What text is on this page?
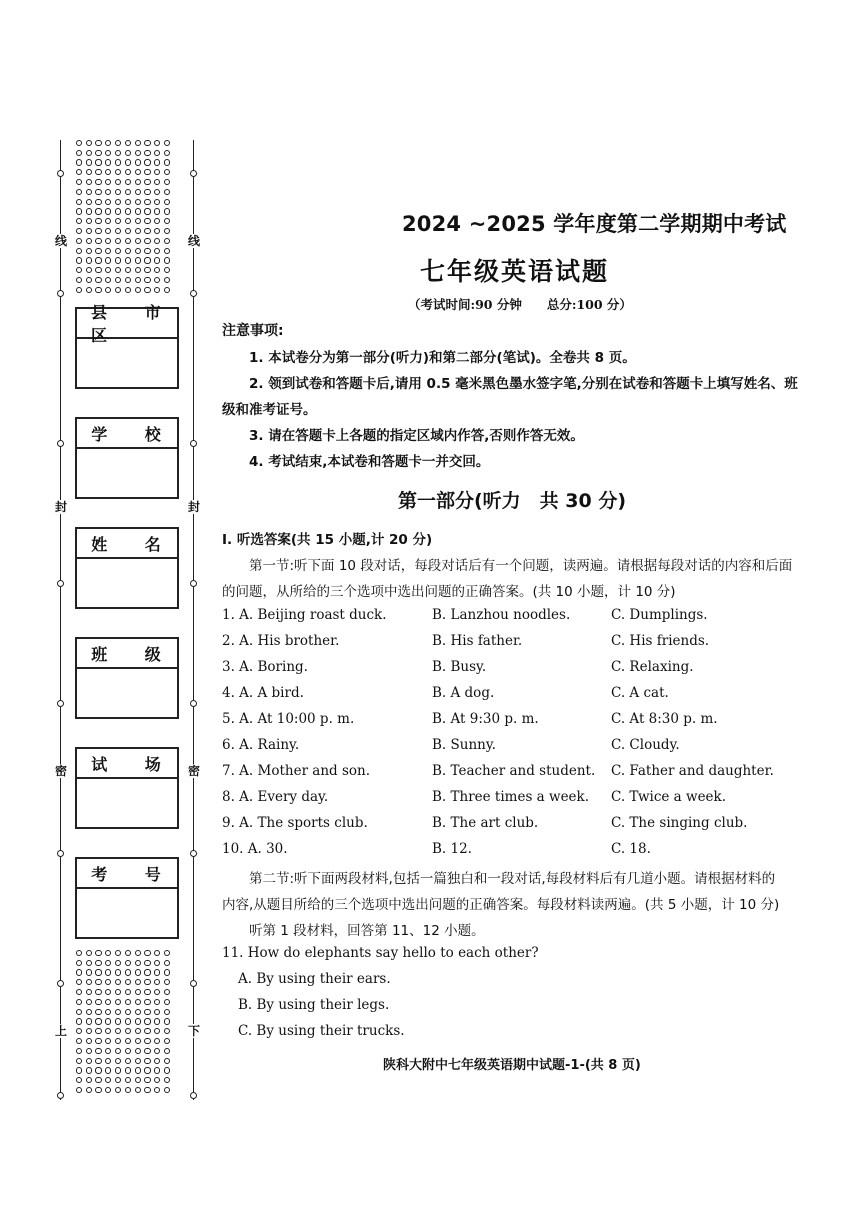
线	线
封	封
密	密
上	下
县 市 区
学 校
姓 名
班 级
试 场
考 号
2024 ~2025 学年度第二学期期中考试
七年级英语试题
（考试时间:90 分钟　　总分:100 分）
注意事项:
1. 本试卷分为第一部分(听力)和第二部分(笔试)。全卷共 8 页。
2. 领到试卷和答题卡后,请用 0.5 毫米黑色墨水签字笔,分别在试卷和答题卡上填写姓名、班
级和准考证号。
3. 请在答题卡上各题的指定区域内作答,否则作答无效。
4. 考试结束,本试卷和答题卡一并交回。
第一部分(听力　共 30 分)
Ⅰ. 听选答案(共 15 小题,计 20 分)
第一节:听下面 10 段对话，每段对话后有一个问题，读两遍。请根据每段对话的内容和后面
的问题，从所给的三个选项中选出问题的正确答案。(共 10 小题，计 10 分)
1. A. Beijing roast duck.	B. Lanzhou noodles.	C. Dumplings.
2. A. His brother.	B. His father.	C. His friends.
3. A. Boring.	B. Busy.	C. Relaxing.
4. A. A bird.	B. A dog.	C. A cat.
5. A. At 10:00 p. m.	B. At 9:30 p. m.	C. At 8:30 p. m.
6. A. Rainy.	B. Sunny.	C. Cloudy.
7. A. Mother and son.	B. Teacher and student. C. Father and daughter.
8. A. Every day.	B. Three times a week. C. Twice a week.
9. A. The sports club.	B. The art club.	C. The singing club.
10. A. 30.	B. 12.	C. 18.
第二节:听下面两段材料,包括一篇独白和一段对话,每段材料后有几道小题。请根据材料的
内容,从题目所给的三个选项中选出问题的正确答案。每段材料读两遍。(共 5 小题，计 10 分)
听第 1 段材料，回答第 11、12 小题。
11. How do elephants say hello to each other?
A. By using their ears.
B. By using their legs.
C. By using their trucks.
陕科大附中七年级英语期中试题-1-(共 8 页)
